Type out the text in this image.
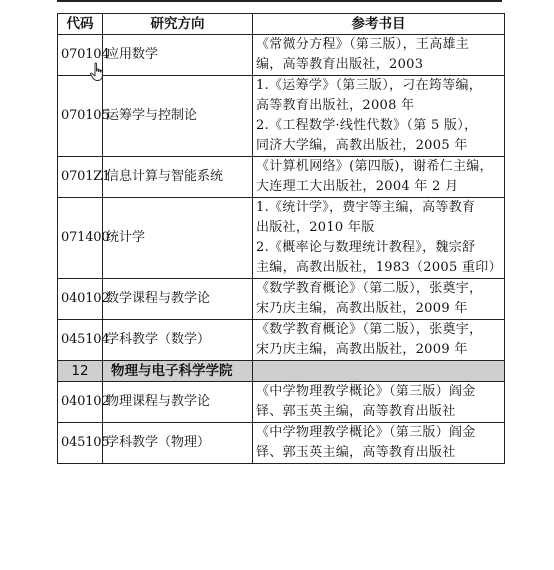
代码	研究方向	参考书目
070104	应用数学	《常微分方程》（第三版），王高雄主
编，高等教育出版社，2003

070105	运筹学与控制论	1.《运筹学》（第三版），刁在筠等编，
高等教育出版社，2008 年
2.《工程数学·线性代数》（第 5 版），
同济大学编，高教出版社，2005 年

0701Z1	信息计算与智能系统	《计算机网络》(第四版)，谢希仁主编，
大连理工大出版社，2004 年 2 月

071400	统计学	1.《统计学》，费宇等主编，高等教育
出版社，2010 年版
2.《概率论与数理统计教程》，魏宗舒
主编，高教出版社，1983（2005 重印）

040102	数学课程与教学论	《数学教育概论》（第二版），张奠宇，
宋乃庆主编，高教出版社，2009 年

045104	学科教学（数学）	《数学教育概论》（第二版），张奠宇，
宋乃庆主编，高教出版社，2009 年

12	物理与电子科学学院	
040102	物理课程与教学论	《中学物理教学概论》（第三版）阎金
铎、郭玉英主编，高等教育出版社

045105	学科教学（物理）	《中学物理教学概论》（第三版）阎金
铎、郭玉英主编，高等教育出版社
